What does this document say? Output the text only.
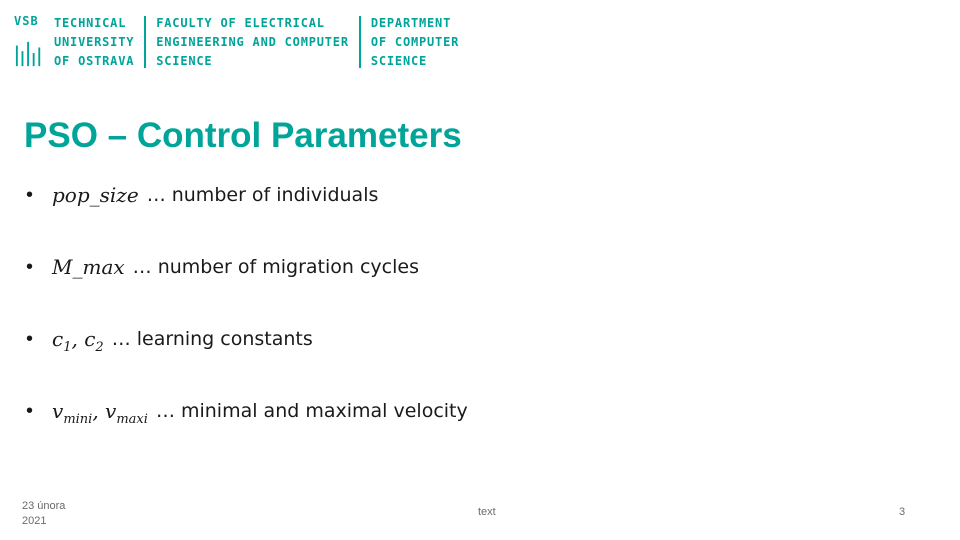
VSB	TECHNICAL
UNIVERSITY
OF OSTRAVA
FACULTY OF ELECTRICAL
ENGINEERING AND COMPUTER
SCIENCE
DEPARTMENT
OF COMPUTER
SCIENCE
PSO – Control Parameters
• pop_size … number of individuals
• M_max … number of migration cycles
• $c_1$, $c_2$ … learning constants
• $v_{mini}$, $v_{maxi}$ … minimal and maximal velocity
23 února
2021
text	3
